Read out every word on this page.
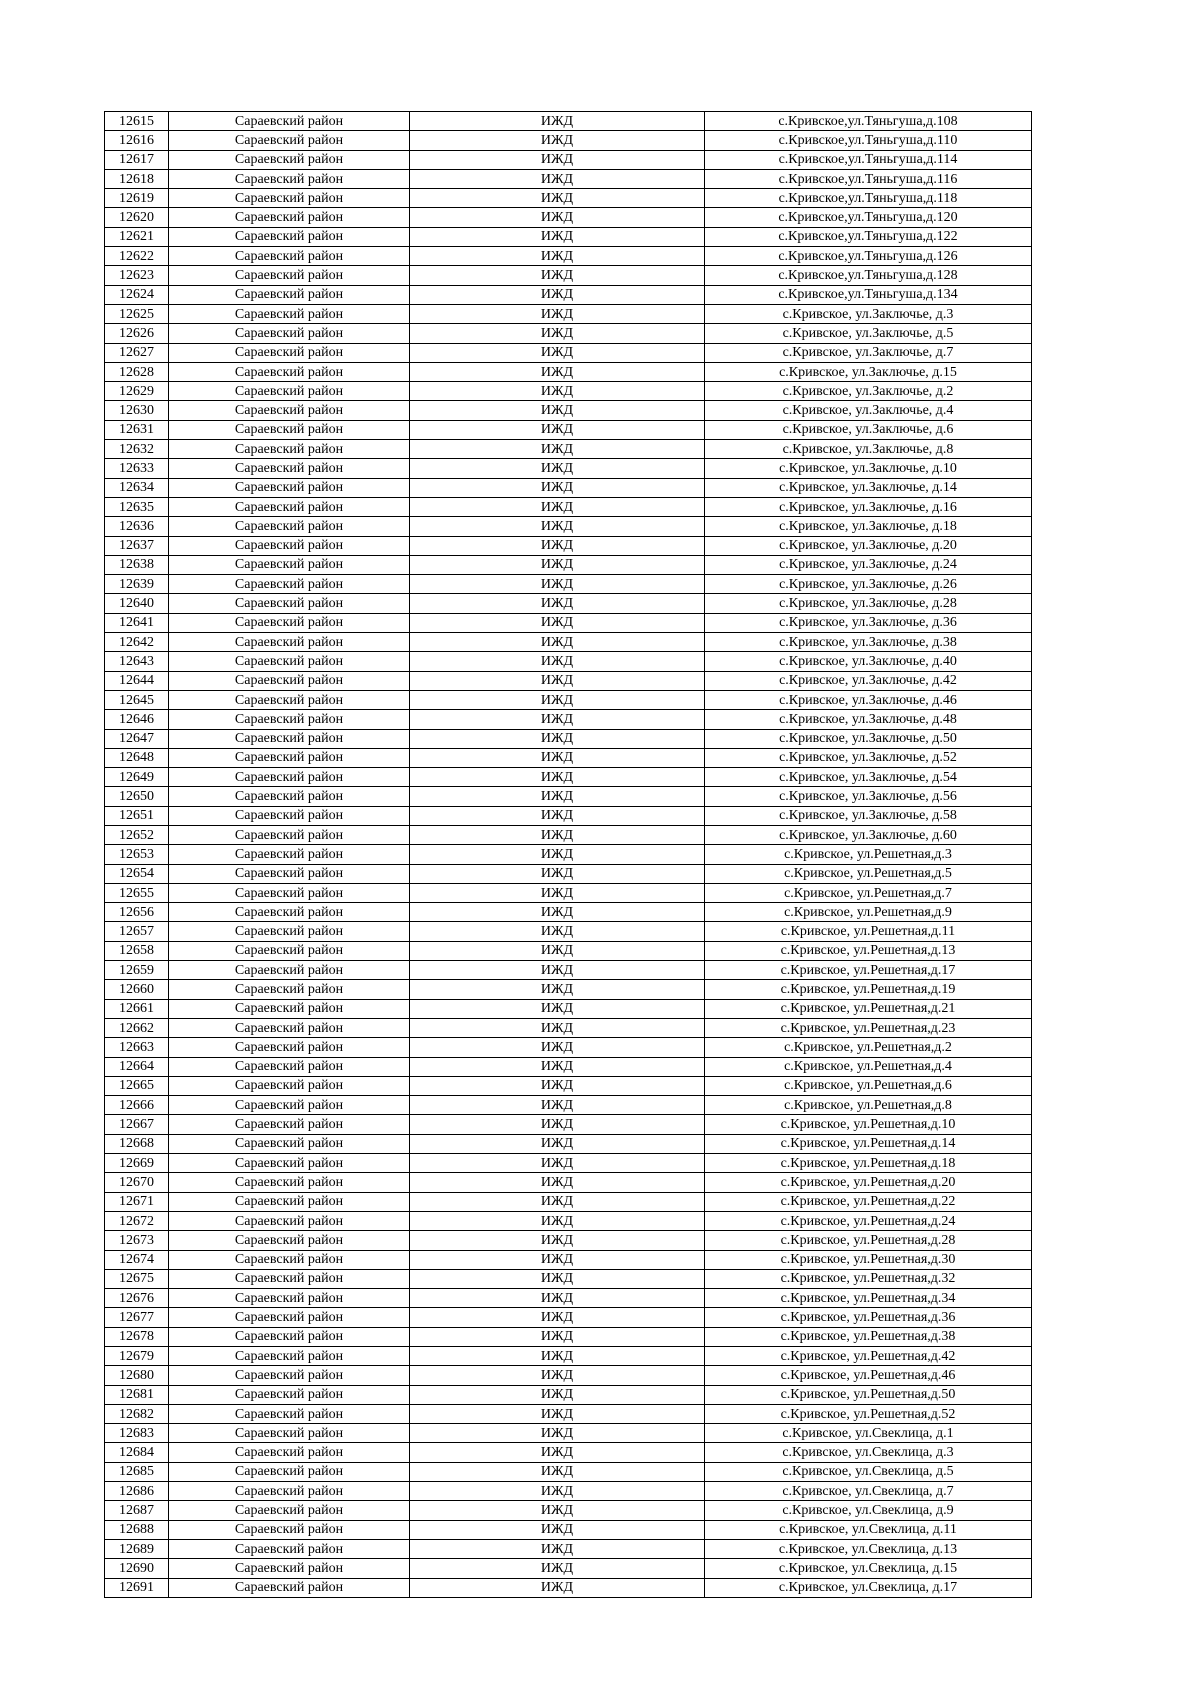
12615	Сараевский район	ИЖД	с.Кривское,ул.Тяньгуша,д.108
12616	Сараевский район	ИЖД	с.Кривское,ул.Тяньгуша,д.110
12617	Сараевский район	ИЖД	с.Кривское,ул.Тяньгуша,д.114
12618	Сараевский район	ИЖД	с.Кривское,ул.Тяньгуша,д.116
12619	Сараевский район	ИЖД	с.Кривское,ул.Тяньгуша,д.118
12620	Сараевский район	ИЖД	с.Кривское,ул.Тяньгуша,д.120
12621	Сараевский район	ИЖД	с.Кривское,ул.Тяньгуша,д.122
12622	Сараевский район	ИЖД	с.Кривское,ул.Тяньгуша,д.126
12623	Сараевский район	ИЖД	с.Кривское,ул.Тяньгуша,д.128
12624	Сараевский район	ИЖД	с.Кривское,ул.Тяньгуша,д.134
12625	Сараевский район	ИЖД	с.Кривское, ул.Заключье, д.3
12626	Сараевский район	ИЖД	с.Кривское, ул.Заключье, д.5
12627	Сараевский район	ИЖД	с.Кривское, ул.Заключье, д.7
12628	Сараевский район	ИЖД	с.Кривское, ул.Заключье, д.15
12629	Сараевский район	ИЖД	с.Кривское, ул.Заключье, д.2
12630	Сараевский район	ИЖД	с.Кривское, ул.Заключье, д.4
12631	Сараевский район	ИЖД	с.Кривское, ул.Заключье, д.6
12632	Сараевский район	ИЖД	с.Кривское, ул.Заключье, д.8
12633	Сараевский район	ИЖД	с.Кривское, ул.Заключье, д.10
12634	Сараевский район	ИЖД	с.Кривское, ул.Заключье, д.14
12635	Сараевский район	ИЖД	с.Кривское, ул.Заключье, д.16
12636	Сараевский район	ИЖД	с.Кривское, ул.Заключье, д.18
12637	Сараевский район	ИЖД	с.Кривское, ул.Заключье, д.20
12638	Сараевский район	ИЖД	с.Кривское, ул.Заключье, д.24
12639	Сараевский район	ИЖД	с.Кривское, ул.Заключье, д.26
12640	Сараевский район	ИЖД	с.Кривское, ул.Заключье, д.28
12641	Сараевский район	ИЖД	с.Кривское, ул.Заключье, д.36
12642	Сараевский район	ИЖД	с.Кривское, ул.Заключье, д.38
12643	Сараевский район	ИЖД	с.Кривское, ул.Заключье, д.40
12644	Сараевский район	ИЖД	с.Кривское, ул.Заключье, д.42
12645	Сараевский район	ИЖД	с.Кривское, ул.Заключье, д.46
12646	Сараевский район	ИЖД	с.Кривское, ул.Заключье, д.48
12647	Сараевский район	ИЖД	с.Кривское, ул.Заключье, д.50
12648	Сараевский район	ИЖД	с.Кривское, ул.Заключье, д.52
12649	Сараевский район	ИЖД	с.Кривское, ул.Заключье, д.54
12650	Сараевский район	ИЖД	с.Кривское, ул.Заключье, д.56
12651	Сараевский район	ИЖД	с.Кривское, ул.Заключье, д.58
12652	Сараевский район	ИЖД	с.Кривское, ул.Заключье, д.60
12653	Сараевский район	ИЖД	с.Кривское, ул.Решетная,д.3
12654	Сараевский район	ИЖД	с.Кривское, ул.Решетная,д.5
12655	Сараевский район	ИЖД	с.Кривское, ул.Решетная,д.7
12656	Сараевский район	ИЖД	с.Кривское, ул.Решетная,д.9
12657	Сараевский район	ИЖД	с.Кривское, ул.Решетная,д.11
12658	Сараевский район	ИЖД	с.Кривское, ул.Решетная,д.13
12659	Сараевский район	ИЖД	с.Кривское, ул.Решетная,д.17
12660	Сараевский район	ИЖД	с.Кривское, ул.Решетная,д.19
12661	Сараевский район	ИЖД	с.Кривское, ул.Решетная,д.21
12662	Сараевский район	ИЖД	с.Кривское, ул.Решетная,д.23
12663	Сараевский район	ИЖД	с.Кривское, ул.Решетная,д.2
12664	Сараевский район	ИЖД	с.Кривское, ул.Решетная,д.4
12665	Сараевский район	ИЖД	с.Кривское, ул.Решетная,д.6
12666	Сараевский район	ИЖД	с.Кривское, ул.Решетная,д.8
12667	Сараевский район	ИЖД	с.Кривское, ул.Решетная,д.10
12668	Сараевский район	ИЖД	с.Кривское, ул.Решетная,д.14
12669	Сараевский район	ИЖД	с.Кривское, ул.Решетная,д.18
12670	Сараевский район	ИЖД	с.Кривское, ул.Решетная,д.20
12671	Сараевский район	ИЖД	с.Кривское, ул.Решетная,д.22
12672	Сараевский район	ИЖД	с.Кривское, ул.Решетная,д.24
12673	Сараевский район	ИЖД	с.Кривское, ул.Решетная,д.28
12674	Сараевский район	ИЖД	с.Кривское, ул.Решетная,д.30
12675	Сараевский район	ИЖД	с.Кривское, ул.Решетная,д.32
12676	Сараевский район	ИЖД	с.Кривское, ул.Решетная,д.34
12677	Сараевский район	ИЖД	с.Кривское, ул.Решетная,д.36
12678	Сараевский район	ИЖД	с.Кривское, ул.Решетная,д.38
12679	Сараевский район	ИЖД	с.Кривское, ул.Решетная,д.42
12680	Сараевский район	ИЖД	с.Кривское, ул.Решетная,д.46
12681	Сараевский район	ИЖД	с.Кривское, ул.Решетная,д.50
12682	Сараевский район	ИЖД	с.Кривское, ул.Решетная,д.52
12683	Сараевский район	ИЖД	с.Кривское, ул.Свеклица, д.1
12684	Сараевский район	ИЖД	с.Кривское, ул.Свеклица, д.3
12685	Сараевский район	ИЖД	с.Кривское, ул.Свеклица, д.5
12686	Сараевский район	ИЖД	с.Кривское, ул.Свеклица, д.7
12687	Сараевский район	ИЖД	с.Кривское, ул.Свеклица, д.9
12688	Сараевский район	ИЖД	с.Кривское, ул.Свеклица, д.11
12689	Сараевский район	ИЖД	с.Кривское, ул.Свеклица, д.13
12690	Сараевский район	ИЖД	с.Кривское, ул.Свеклица, д.15
12691	Сараевский район	ИЖД	с.Кривское, ул.Свеклица, д.17
